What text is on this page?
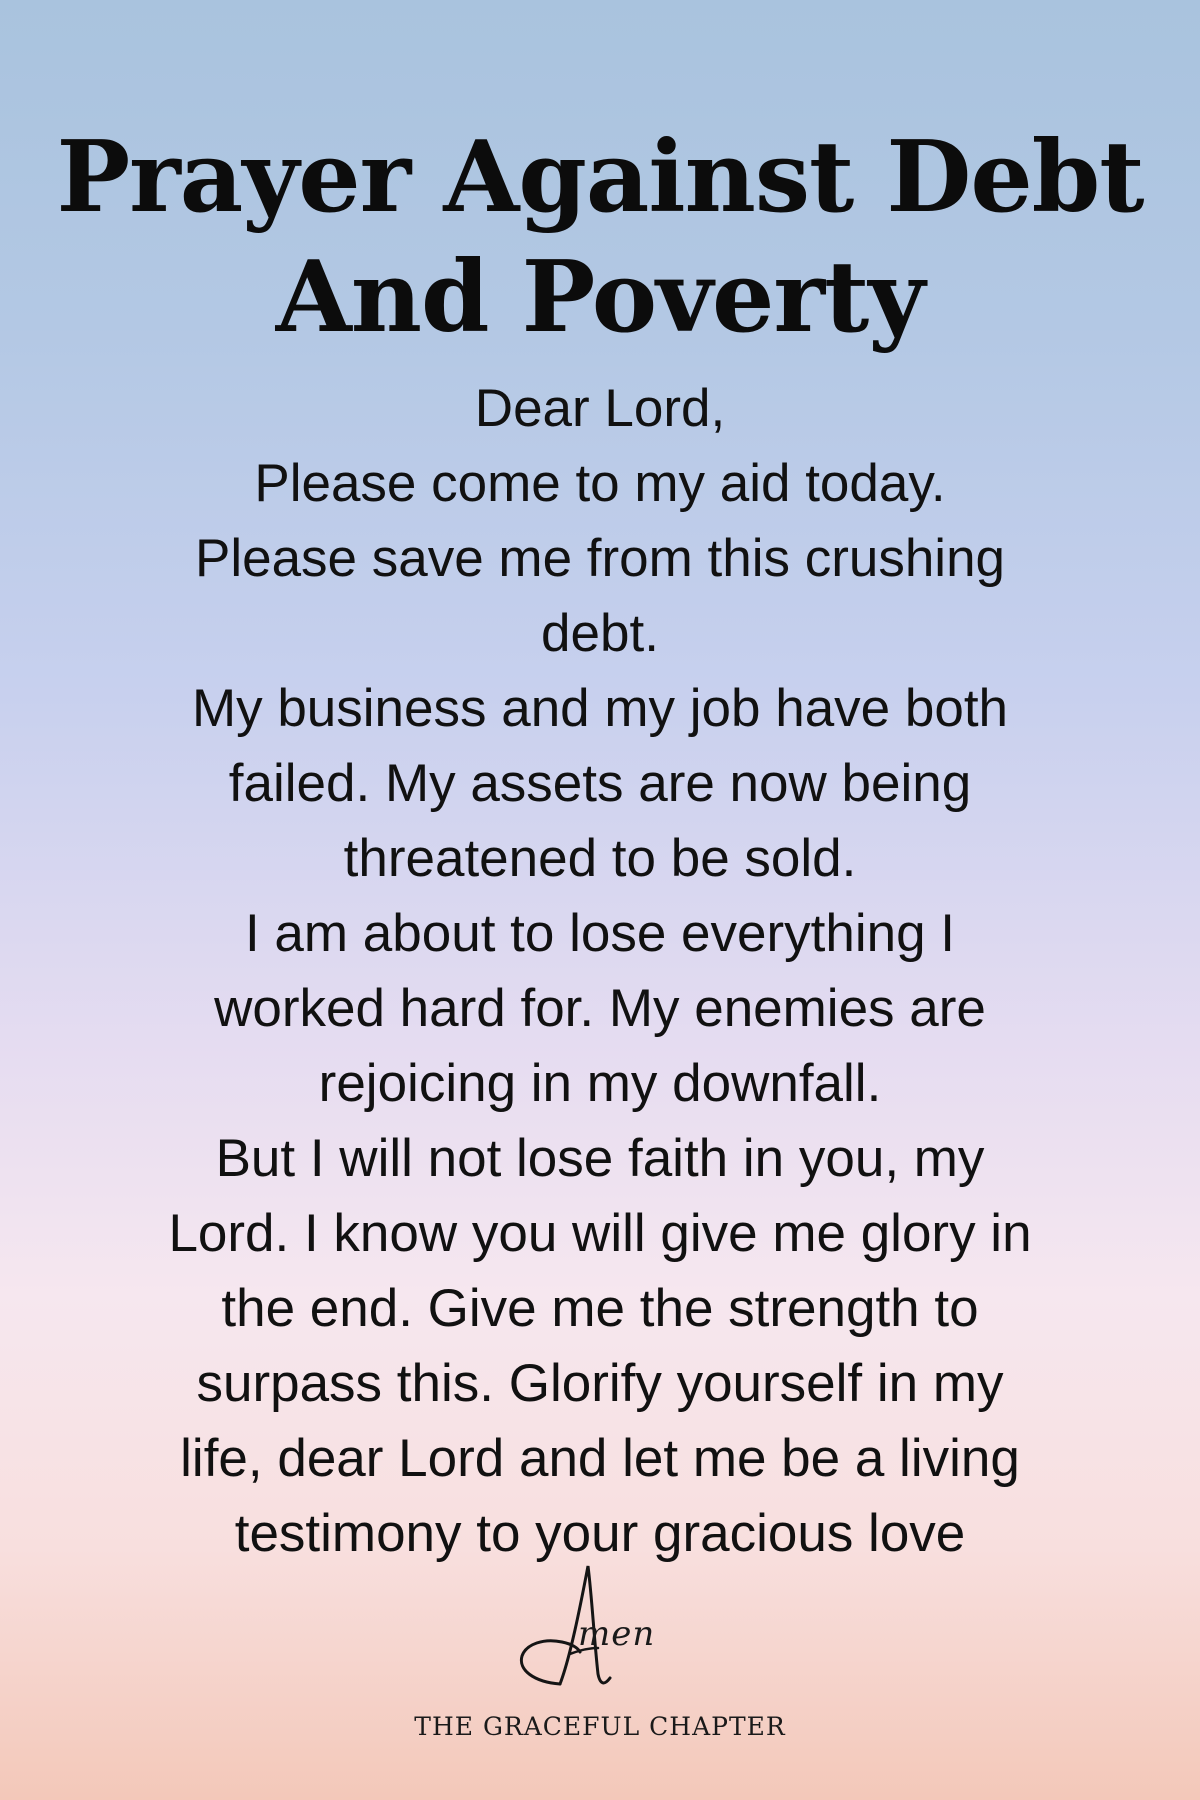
Prayer Against Debt
And Poverty
Dear Lord,
Please come to my aid today.
Please save me from this crushing
debt.
My business and my job have both
failed. My assets are now being
threatened to be sold.
I am about to lose everything I
worked hard for. My enemies are
rejoicing in my downfall.
But I will not lose faith in you, my
Lord. I know you will give me glory in
the end. Give me the strength to
surpass this. Glorify yourself in my
life, dear Lord and let me be a living
testimony to your gracious love
men
THE GRACEFUL CHAPTER
